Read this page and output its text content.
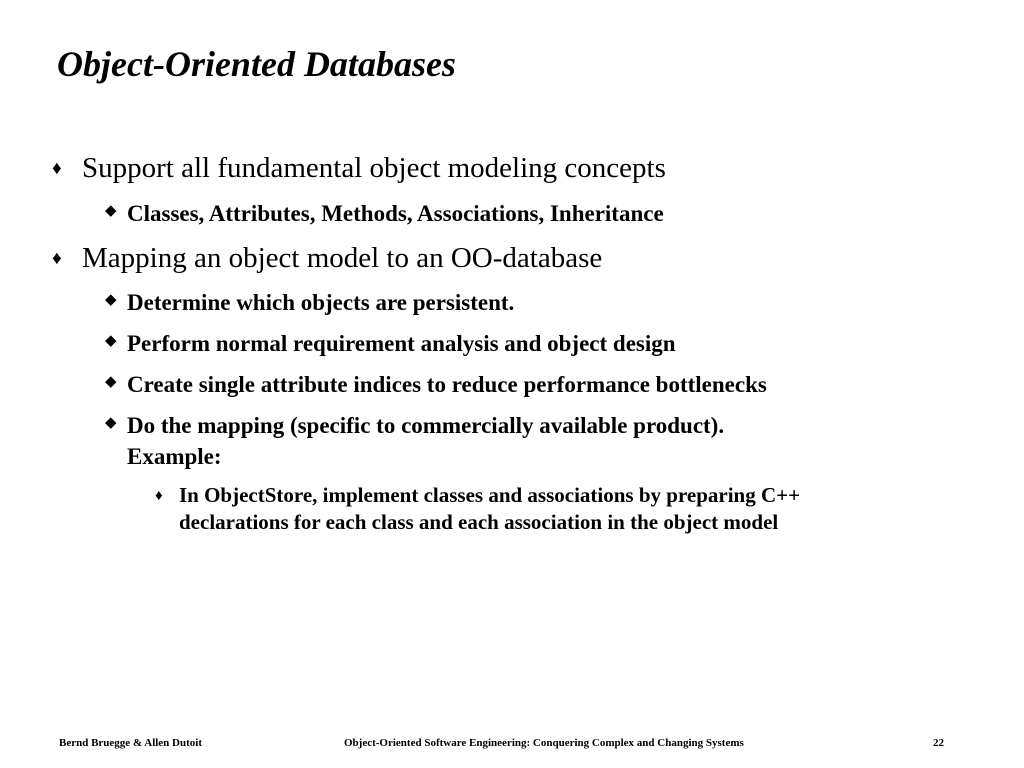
Object-Oriented Databases
♦ Support all fundamental object modeling concepts
◆ Classes, Attributes, Methods, Associations, Inheritance
♦ Mapping an object model to an OO-database
◆ Determine which objects are persistent.
◆ Perform normal requirement analysis and object design
◆ Create single attribute indices to reduce performance bottlenecks
◆ Do the mapping (specific to commercially available product).
Example:
♦ In ObjectStore, implement classes and associations by preparing C++
declarations for each class and each association in the object model
Bernd Bruegge & Allen Dutoit	Object-Oriented Software Engineering: Conquering Complex and Changing Systems	22
